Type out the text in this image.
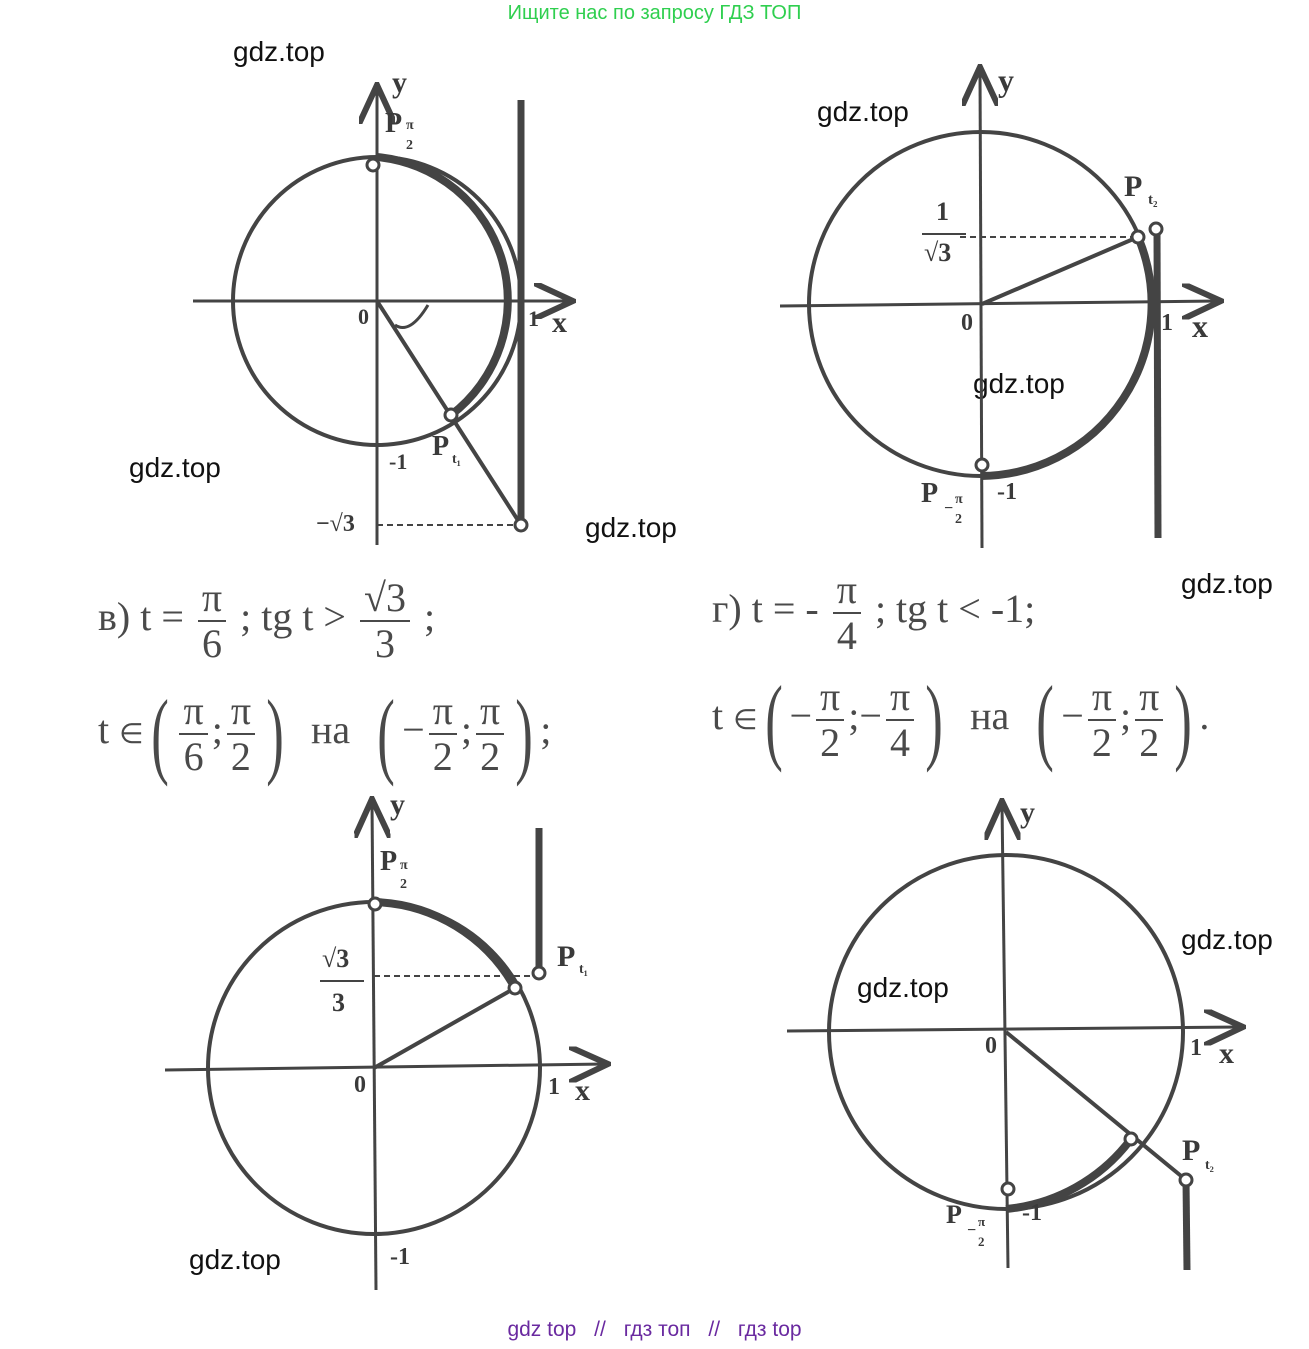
Ищите нас по запросу ГДЗ ТОП
gdz.top
gdz.top
gdz.top
gdz.top
gdz.top
gdz.top
gdz.top
gdz.top
gdz.top
y
P π
2
0	1 x
-1 P t₁
−√3
y
P t₂
1
√3
0	1 x
P −
π
2
-1
y
P π
2
√3
3
P t₁
0	1 x
-1
y
0	1 x
P t₂
P
−
π
2
-1
в) $t = \frac{\pi}{6}$ ; tg $t > \frac{√3}{3}$ ;
t ∈( $\frac{\pi}{6}$ ; $\frac{\pi}{2}$ ) на ( − $\frac{\pi}{2}$ ; $\frac{\pi}{2}$ ) ;
г) t = - $\frac{\pi}{4}$ ; tg t < -1;
t ∈( − $\frac{\pi}{2}$ ;− $\frac{\pi}{4}$ ) на ( − $\frac{\pi}{2}$ ; $\frac{\pi}{2}$ ) .
gdz top // гдз топ // гдз top
